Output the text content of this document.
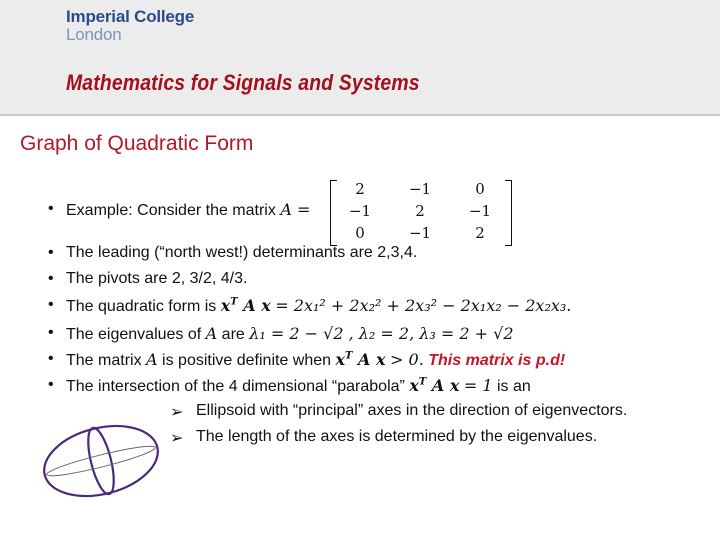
Imperial College
London
Mathematics for Signals and Systems
Graph of Quadratic Form
• Example: Consider the matrix A =
2	−1	0
−1	2	−1
0	−1	2
• The leading (“north west!) determinants are 2,3,4.
• The pivots are 2, 3/2, 4/3.
• The quadratic form is $x^T$ A x = 2x₁² + 2x₂² + 2x₃² − 2x₁x₂ − 2x₂x₃.
• The eigenvalues of A are λ₁ = 2 − √2 , λ₂ = 2, λ₃ = 2 + √2
• The matrix A is positive definite when $x^T$ A x > 0. This matrix is p.d!
• The intersection of the 4 dimensional “parabola” $x^T$ A x = 1 is an
➢ Ellipsoid with “principal” axes in the direction of eigenvectors.
➢ The length of the axes is determined by the eigenvalues.
